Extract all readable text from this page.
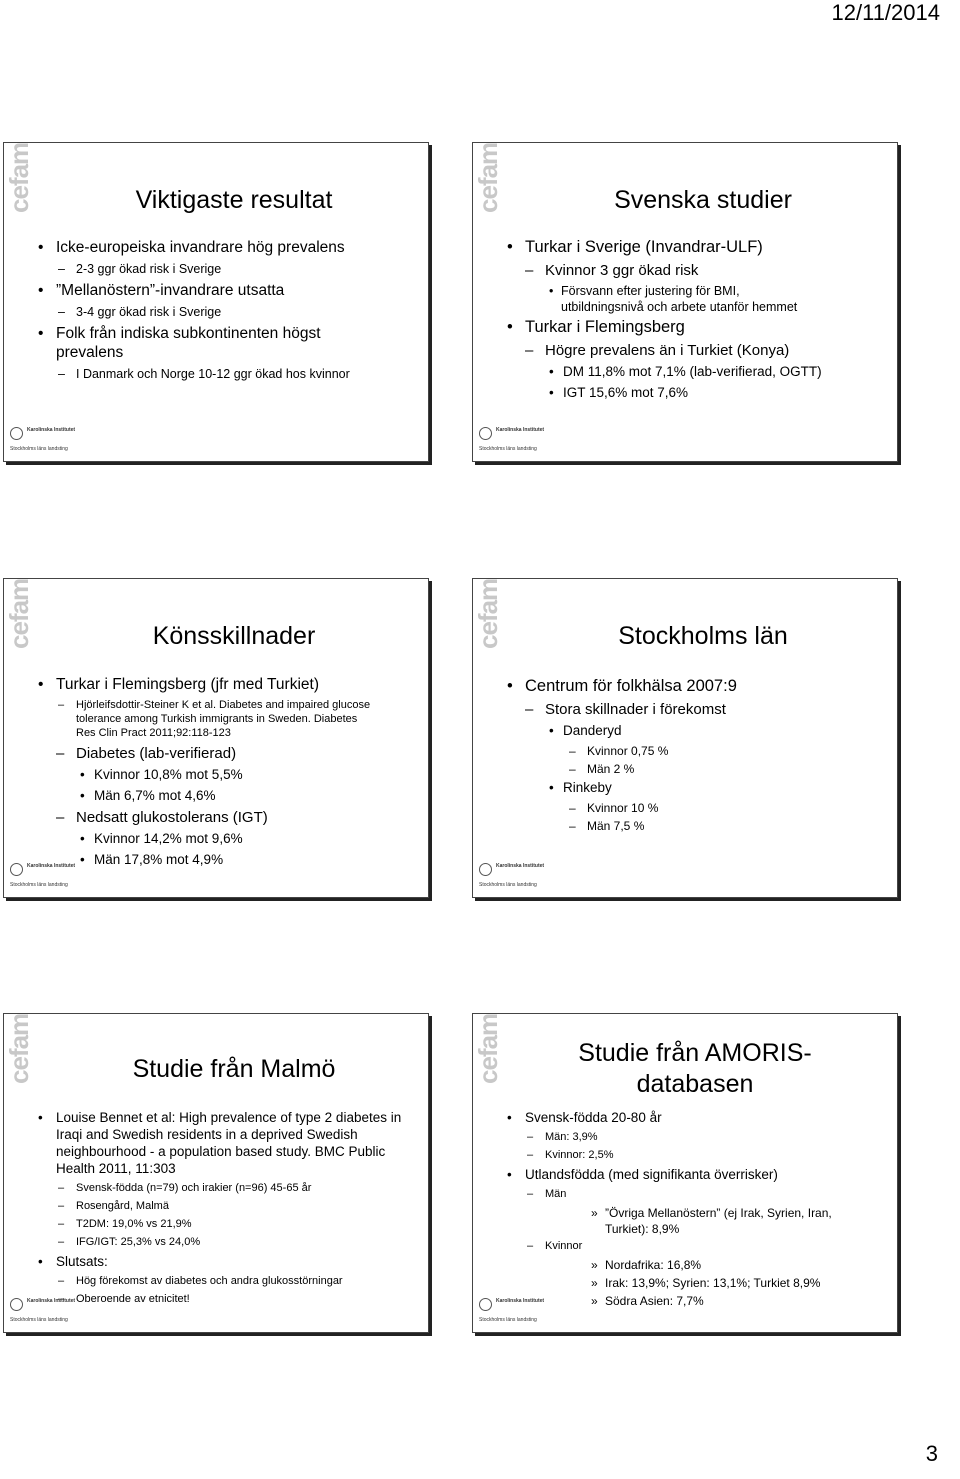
12/11/2014
cefam	Viktigaste resultat
• Icke-europeiska invandrare hög prevalens
– 2-3 ggr ökad risk i Sverige
• ”Mellanöstern”-invandrare utsatta
– 3-4 ggr ökad risk i Sverige
• Folk från indiska subkontinenten högst prevalens
– I Danmark och Norge 10-12 ggr ökad hos kvinnor
Karolinska Institutet
Stockholms läns landsting
cefam	Svenska studier
• Turkar i Sverige (Invandrar-ULF)
– Kvinnor 3 ggr ökad risk
• Försvann efter justering för BMI, utbildningsnivå och arbete utanför hemmet
• Turkar i Flemingsberg
– Högre prevalens än i Turkiet (Konya)
• DM 11,8% mot 7,1% (lab-verifierad, OGTT)
• IGT 15,6% mot 7,6%
Karolinska Institutet
Stockholms läns landsting
cefam	Könsskillnader
• Turkar i Flemingsberg (jfr med Turkiet)
– Hjörleifsdottir-Steiner K et al. Diabetes and impaired glucose tolerance among Turkish immigrants in Sweden. Diabetes Res Clin Pract 2011;92:118-123
– Diabetes (lab-verifierad)
• Kvinnor 10,8% mot 5,5%
• Män 6,7% mot 4,6%
– Nedsatt glukostolerans (IGT)
• Kvinnor 14,2% mot 9,6%
• Män 17,8% mot 4,9%
Karolinska Institutet
Stockholms läns landsting
cefam	Stockholms län
• Centrum för folkhälsa 2007:9
– Stora skillnader i förekomst
• Danderyd
– Kvinnor 0,75 %
– Män 2 %
• Rinkeby
– Kvinnor 10 %
– Män 7,5 %
Karolinska Institutet
Stockholms läns landsting
cefam	Studie från Malmö
• Louise Bennet et al: High prevalence of type 2 diabetes in Iraqi and Swedish residents in a deprived Swedish neighbourhood - a population based study. BMC Public Health 2011, 11:303
– Svensk-födda (n=79) och irakier (n=96) 45-65 år
– Rosengård, Malmä
– T2DM: 19,0% vs 21,9%
– IFG/IGT: 25,3% vs 24,0%
• Slutsats:
– Hög förekomst av diabetes och andra glukosstörningar
– Oberoende av etnicitet!
Karolinska Institutet
Stockholms läns landsting
cefam	Studie från AMORIS-databasen
• Svensk-födda 20-80 år
– Män: 3,9%
– Kvinnor: 2,5%
• Utlandsfödda (med signifikanta överrisker)
– Män
» ”Övriga Mellanöstern” (ej Irak, Syrien, Iran, Turkiet): 8,9%
– Kvinnor
» Nordafrika: 16,8%
» Irak: 13,9%; Syrien: 13,1%; Turkiet 8,9%
» Södra Asien: 7,7%
Karolinska Institutet
Stockholms läns landsting
3
